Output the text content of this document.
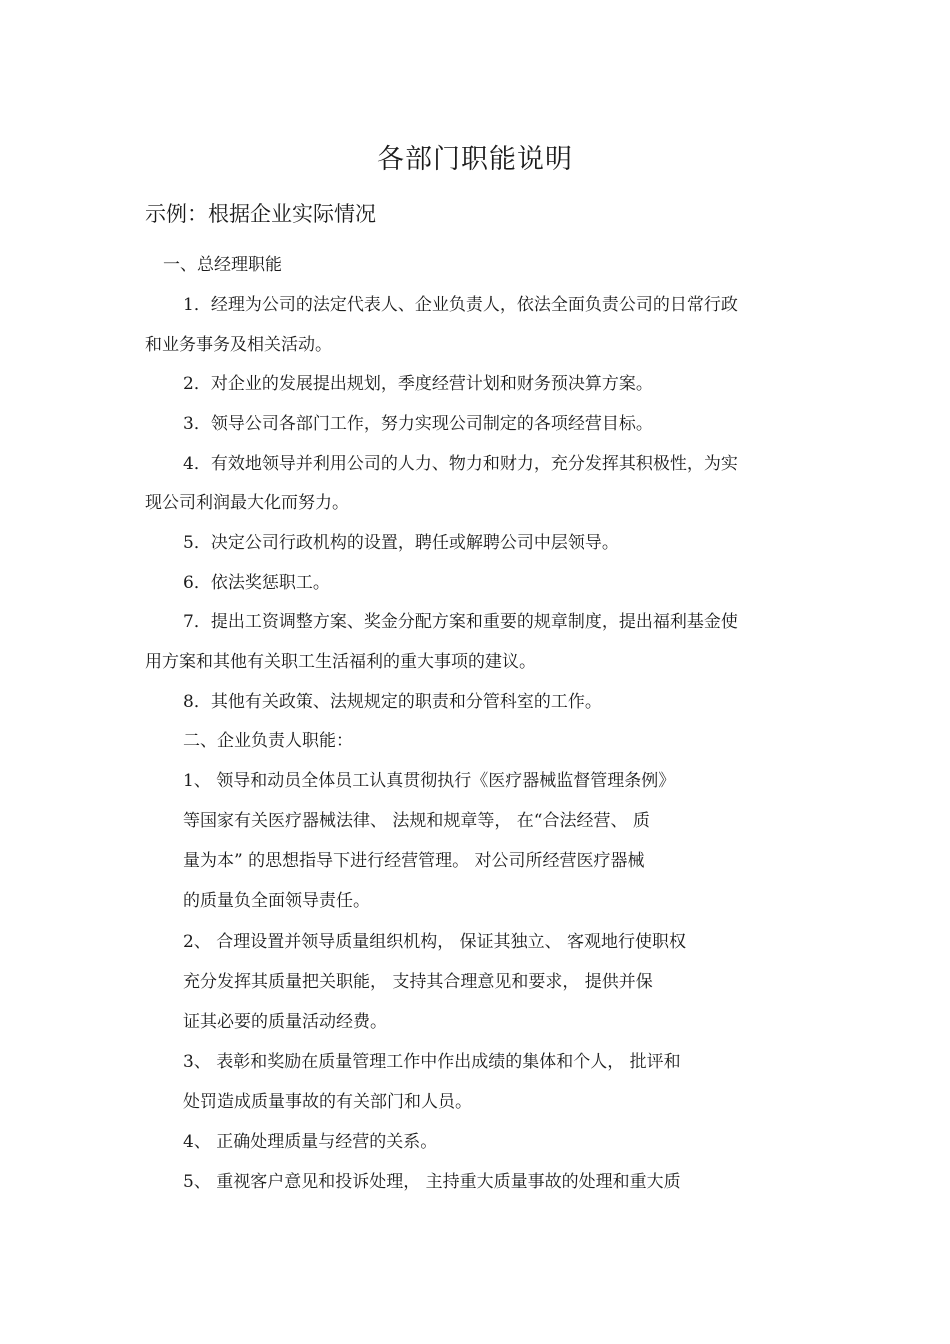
各部门职能说明
示例：根据企业实际情况
一、总经理职能
1．经理为公司的法定代表人、企业负责人，依法全面负责公司的日常行政
和业务事务及相关活动。
2．对企业的发展提出规划，季度经营计划和财务预决算方案。
3．领导公司各部门工作，努力实现公司制定的各项经营目标。
4．有效地领导并利用公司的人力、物力和财力，充分发挥其积极性，为实
现公司利润最大化而努力。
5．决定公司行政机构的设置，聘任或解聘公司中层领导。
6．依法奖惩职工。
7．提出工资调整方案、奖金分配方案和重要的规章制度，提出福利基金使
用方案和其他有关职工生活福利的重大事项的建议。
8．其他有关政策、法规规定的职责和分管科室的工作。
二、企业负责人职能：
1、 领导和动员全体员工认真贯彻执行《医疗器械监督管理条例》
等国家有关医疗器械法律、 法规和规章等， 在“合法经营、 质
量为本” 的思想指导下进行经营管理。 对公司所经营医疗器械
的质量负全面领导责任。
2、 合理设置并领导质量组织机构， 保证其独立、 客观地行使职权
充分发挥其质量把关职能， 支持其合理意见和要求， 提供并保
证其必要的质量活动经费。
3、 表彰和奖励在质量管理工作中作出成绩的集体和个人， 批评和
处罚造成质量事故的有关部门和人员。
4、 正确处理质量与经营的关系。
5、 重视客户意见和投诉处理， 主持重大质量事故的处理和重大质
